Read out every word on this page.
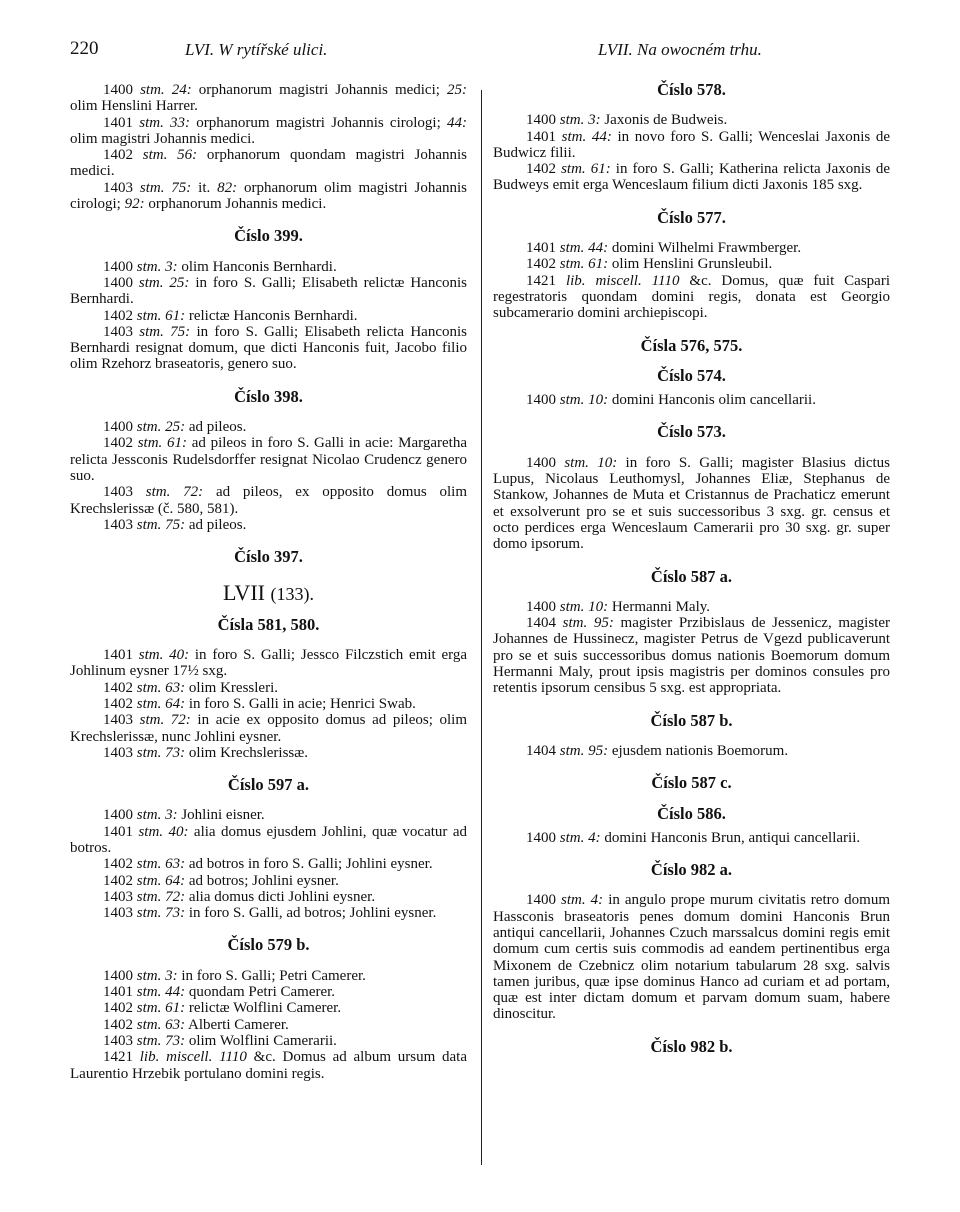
220	LVI. W rytířské ulici.	LVII. Na owocném trhu.

1400 stm. 24: orphanorum magistri Johannis medici; 25: olim Henslini Harrer.

1401 stm. 33: orphanorum magistri Johannis cirologi; 44: olim magistri Johannis medici.

1402 stm. 56: orphanorum quondam magistri Johannis medici.

1403 stm. 75: it. 82: orphanorum olim magistri Johannis cirologi; 92: orphanorum Johannis medici.

Číslo 399.

1400 stm. 3: olim Hanconis Bernhardi.

1400 stm. 25: in foro S. Galli; Elisabeth relictæ Hanconis Bernhardi.

1402 stm. 61: relictæ Hanconis Bernhardi.

1403 stm. 75: in foro S. Galli; Elisabeth relicta Hanconis Bernhardi resignat domum, que dicti Hanconis fuit, Jacobo filio olim Rzehorz braseatoris, genero suo.

Číslo 398.

1400 stm. 25: ad pileos.

1402 stm. 61: ad pileos in foro S. Galli in acie: Margaretha relicta Jessconis Rudelsdorffer resignat Nicolao Crudencz genero suo.

1403 stm. 72: ad pileos, ex opposito domus olim Krechslerissæ (č. 580, 581).

1403 stm. 75: ad pileos.

Číslo 397.

LVII (133).

Čísla 581, 580.

1401 stm. 40: in foro S. Galli; Jessco Filczstich emit erga Johlinum eysner 17½ sxg.

1402 stm. 63: olim Kressleri.

1402 stm. 64: in foro S. Galli in acie; Henrici Swab.

1403 stm. 72: in acie ex opposito domus ad pileos; olim Krechslerissæ, nunc Johlini eysner.

1403 stm. 73: olim Krechslerissæ.

Číslo 597 a.

1400 stm. 3: Johlini eisner.

1401 stm. 40: alia domus ejusdem Johlini, quæ vocatur ad botros.

1402 stm. 63: ad botros in foro S. Galli; Johlini eysner.

1402 stm. 64: ad botros; Johlini eysner.

1403 stm. 72: alia domus dicti Johlini eysner.

1403 stm. 73: in foro S. Galli, ad botros; Johlini eysner.

Číslo 579 b.

1400 stm. 3: in foro S. Galli; Petri Camerer.

1401 stm. 44: quondam Petri Camerer.

1402 stm. 61: relictæ Wolflini Camerer.

1402 stm. 63: Alberti Camerer.

1403 stm. 73: olim Wolflini Camerarii.

1421 lib. miscell. 1110 &c. Domus ad album ursum data Laurentio Hrzebik portulano domini regis.

Číslo 578.

1400 stm. 3: Jaxonis de Budweis.

1401 stm. 44: in novo foro S. Galli; Wenceslai Jaxonis de Budwicz filii.

1402 stm. 61: in foro S. Galli; Katherina relicta Jaxonis de Budweys emit erga Wenceslaum filium dicti Jaxonis 185 sxg.

Číslo 577.

1401 stm. 44: domini Wilhelmi Frawmberger.

1402 stm. 61: olim Henslini Grunsleubil.

1421 lib. miscell. 1110 &c. Domus, quæ fuit Caspari regestratoris quondam domini regis, donata est Georgio subcamerario domini archiepiscopi.

Čísla 576, 575.

Číslo 574.

1400 stm. 10: domini Hanconis olim cancellarii.

Číslo 573.

1400 stm. 10: in foro S. Galli; magister Blasius dictus Lupus, Nicolaus Leuthomysl, Johannes Eliæ, Stephanus de Stankow, Johannes de Muta et Cristannus de Prachaticz emerunt et exsolverunt pro se et suis successoribus 3 sxg. gr. census et octo perdices erga Wenceslaum Camerarii pro 30 sxg. gr. super domo ipsorum.

Číslo 587 a.

1400 stm. 10: Hermanni Maly.

1404 stm. 95: magister Przibislaus de Jessenicz, magister Johannes de Hussinecz, magister Petrus de Vgezd publicaverunt pro se et suis successoribus domus nationis Boemorum domum Hermanni Maly, prout ipsis magistris per dominos consules pro retentis ipsorum censibus 5 sxg. est appropriata.

Číslo 587 b.

1404 stm. 95: ejusdem nationis Boemorum.

Číslo 587 c.

Číslo 586.

1400 stm. 4: domini Hanconis Brun, antiqui cancellarii.

Číslo 982 a.

1400 stm. 4: in angulo prope murum civitatis retro domum Hassconis braseatoris penes domum domini Hanconis Brun antiqui cancellarii, Johannes Czuch marssalcus domini regis emit domum cum certis suis commodis ad eandem pertinentibus erga Mixonem de Czebnicz olim notarium tabularum 28 sxg. salvis tamen juribus, quæ ipse dominus Hanco ad curiam et ad portam, quæ est inter dictam domum et parvam domum suam, habere dinoscitur.

Číslo 982 b.
